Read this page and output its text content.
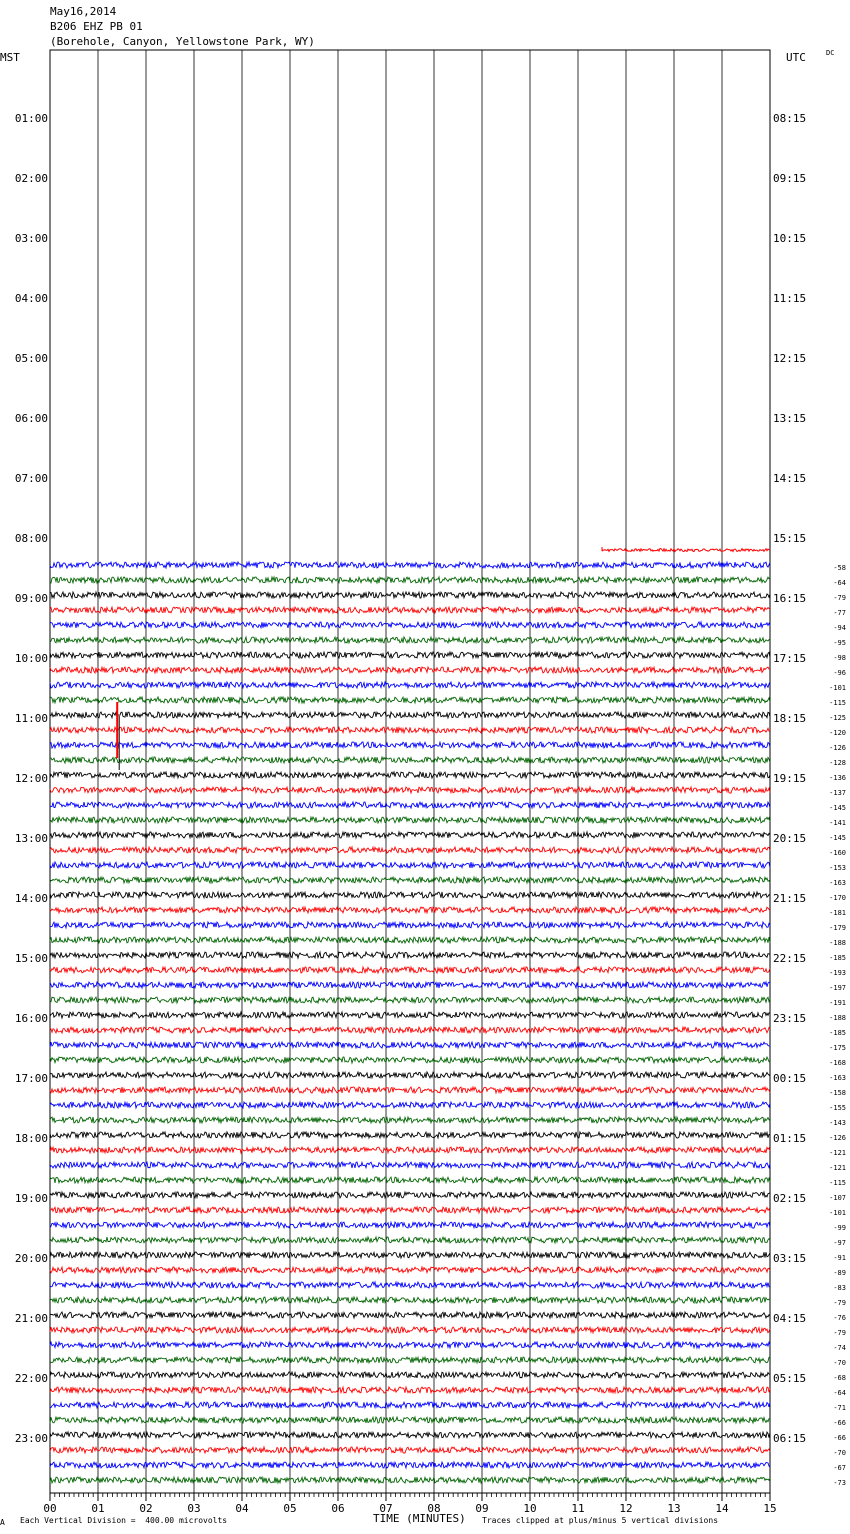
May16,2014
B206 EHZ PB 01
(Borehole, Canyon, Yellowstone Park, WY)
MST	UTC	DC
00	01	02	03	04	05	06	07	08	09	10	11	12	13	14	15
01:00
02:00
03:00
04:00
05:00
06:00
07:00
08:00
09:00
10:00
11:00
12:00
13:00
14:00
15:00
16:00
17:00
18:00
19:00
20:00
21:00
22:00
23:00
08:15
09:15
10:15
11:15
12:15
13:15
14:15
15:15
16:15
17:15
18:15
19:15
20:15
21:15
22:15
23:15
00:15
01:15
02:15
03:15
04:15
05:15
06:15
-58
-64
-79
-77
-94
-95
-98
-96
-101
-115
-125
-120
-126
-128
-136
-137
-145
-141
-145
-160
-153
-163
-170
-181
-179
-188
-185
-193
-197
-191
-188
-185
-175
-168
-163
-158
-155
-143
-126
-121
-121
-115
-107
-101
-99
-97
-91
-89
-83
-79
-76
-79
-74
-70
-68
-64
-71
-66
-66
-70
-67
-73
A Each Vertical Division =  400.00 microvolts	TIME (MINUTES) Traces clipped at plus/minus 5 vertical divisions
